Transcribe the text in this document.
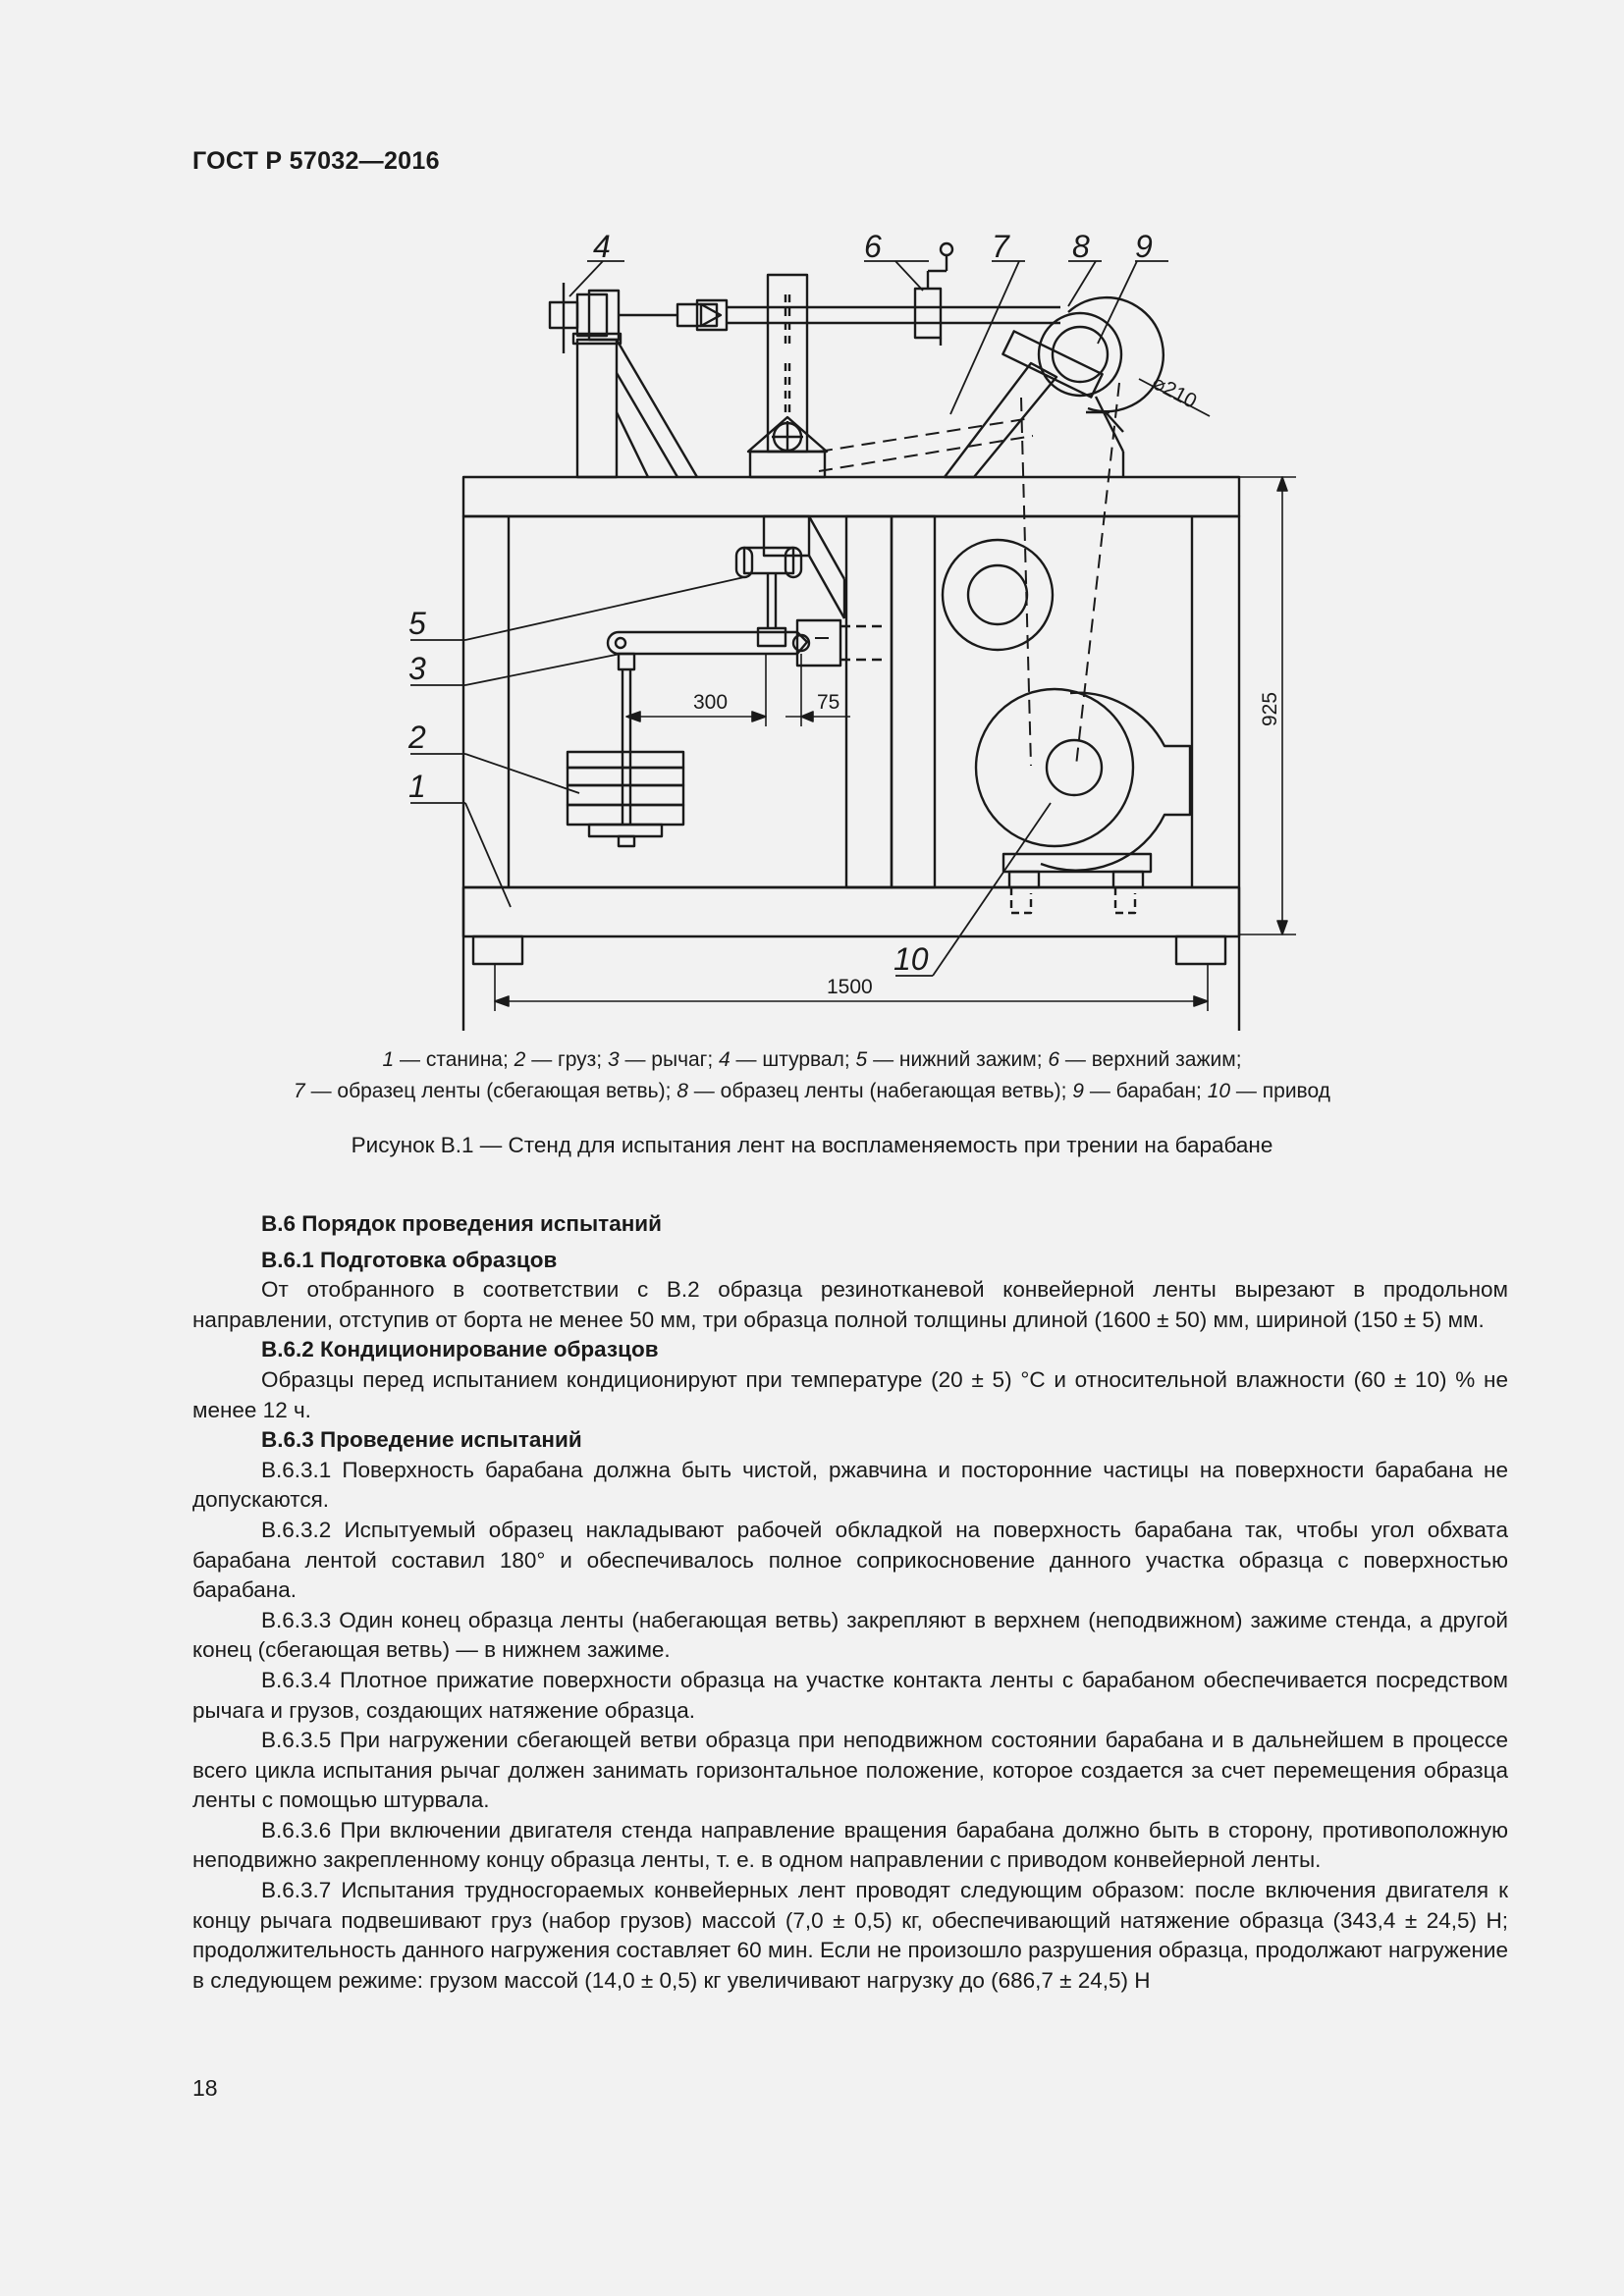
ГОСТ Р 57032—2016
4	6	7 8 9
5
3
2
1
10
300	75
1500
925
⌀210
1 — станина; 2 — груз; 3 — рычаг; 4 — штурвал; 5 — нижний зажим; 6 — верхний зажим;
7 — образец ленты (сбегающая ветвь); 8 — образец ленты (набегающая ветвь); 9 — барабан; 10 — привод
Рисунок В.1 — Стенд для испытания лент на воспламеняемость при трении на барабане
В.6 Порядок проведения испытаний
В.6.1 Подготовка образцов

От отобранного в соответствии с В.2 образца резинотканевой конвейерной ленты вырезают в продольном направлении, отступив от борта не менее 50 мм, три образца полной толщины длиной (1600 ± 50) мм, шириной (150 ± 5) мм.

В.6.2 Кондиционирование образцов

Образцы перед испытанием кондиционируют при температуре (20 ± 5) °С и относительной влажности (60 ± 10) % не менее 12 ч.

В.6.3 Проведение испытаний

В.6.3.1 Поверхность барабана должна быть чистой, ржавчина и посторонние частицы на поверхности барабана не допускаются.

В.6.3.2 Испытуемый образец накладывают рабочей обкладкой на поверхность барабана так, чтобы угол обхвата барабана лентой составил 180° и обеспечивалось полное соприкосновение данного участка образца с поверхностью барабана.

В.6.3.3 Один конец образца ленты (набегающая ветвь) закрепляют в верхнем (неподвижном) зажиме стенда, а другой конец (сбегающая ветвь) — в нижнем зажиме.

В.6.3.4 Плотное прижатие поверхности образца на участке контакта ленты с барабаном обеспечивается посредством рычага и грузов, создающих натяжение образца.

В.6.3.5 При нагружении сбегающей ветви образца при неподвижном состоянии барабана и в дальнейшем в процессе всего цикла испытания рычаг должен занимать горизонтальное положение, которое создается за счет перемещения образца ленты с помощью штурвала.

В.6.3.6 При включении двигателя стенда направление вращения барабана должно быть в сторону, противоположную неподвижно закрепленному концу образца ленты, т. е. в одном направлении с приводом конвейерной ленты.

В.6.3.7 Испытания трудносгораемых конвейерных лент проводят следующим образом: после включения двигателя к концу рычага подвешивают груз (набор грузов) массой (7,0 ± 0,5) кг, обеспечивающий натяжение образца (343,4 ± 24,5) Н; продолжительность данного нагружения составляет 60 мин. Если не произошло разрушения образца, продолжают нагружение в следующем режиме: грузом массой (14,0 ± 0,5) кг увеличивают нагрузку до (686,7 ± 24,5) Н

18
